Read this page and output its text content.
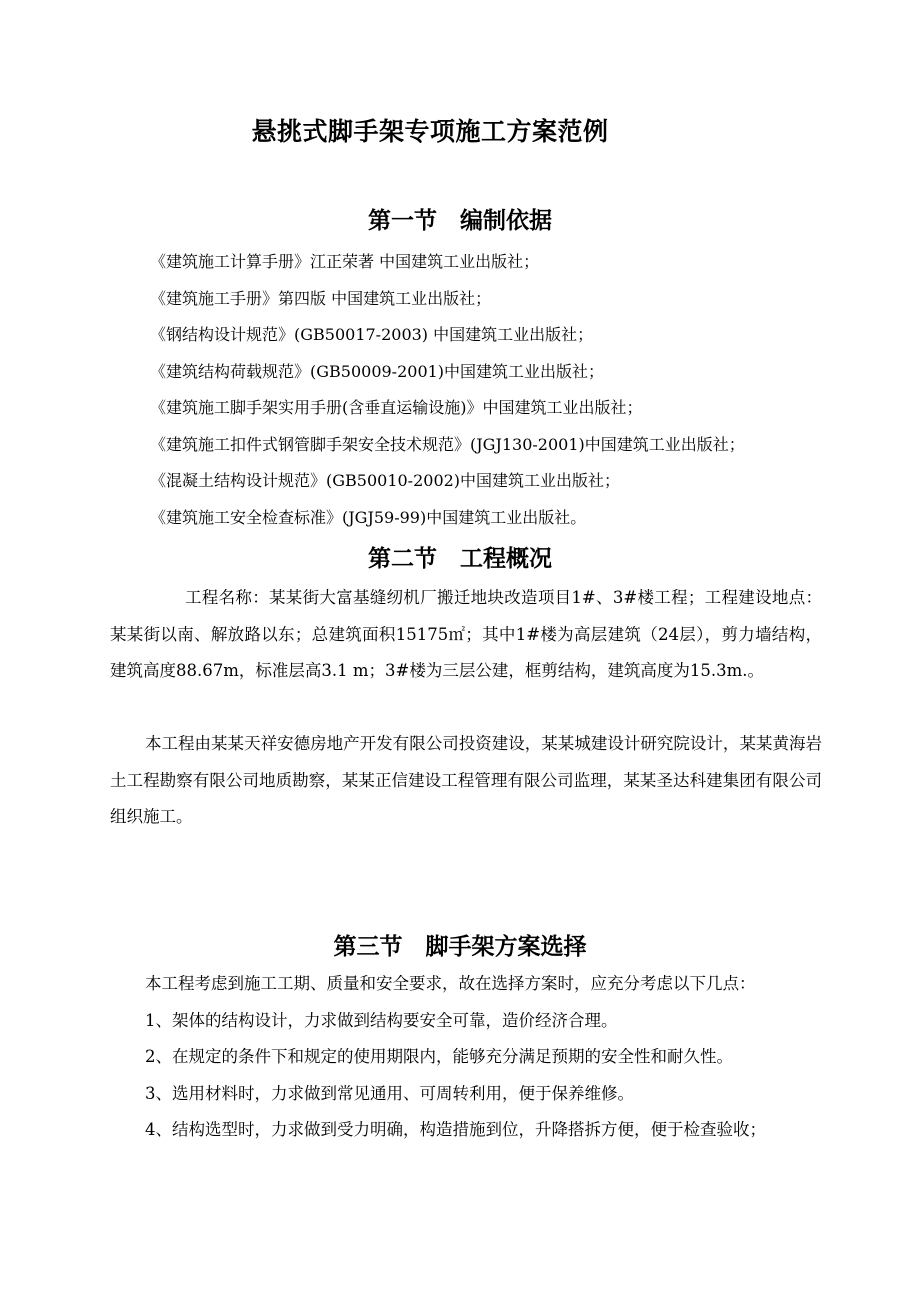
悬挑式脚手架专项施工方案范例
第一节　编制依据
《建筑施工计算手册》江正荣著 中国建筑工业出版社；
《建筑施工手册》第四版 中国建筑工业出版社；
《钢结构设计规范》(GB50017-2003) 中国建筑工业出版社；
《建筑结构荷载规范》(GB50009-2001)中国建筑工业出版社；
《建筑施工脚手架实用手册(含垂直运输设施)》中国建筑工业出版社；
《建筑施工扣件式钢管脚手架安全技术规范》(JGJ130-2001)中国建筑工业出版社；
《混凝土结构设计规范》(GB50010-2002)中国建筑工业出版社；
《建筑施工安全检查标准》(JGJ59-99)中国建筑工业出版社。
第二节　工程概况

工程名称：某某街大富基缝纫机厂搬迁地块改造项目1#、3#楼工程；工程建设地点：某某街以南、解放路以东；总建筑面积15175㎡；其中1#楼为高层建筑（24层），剪力墙结构，建筑高度88.67m，标准层高3.1 m；3#楼为三层公建，框剪结构，建筑高度为15.3m.。

本工程由某某天祥安德房地产开发有限公司投资建设，某某城建设计研究院设计，某某黄海岩土工程勘察有限公司地质勘察，某某正信建设工程管理有限公司监理，某某圣达科建集团有限公司组织施工。

第三节　脚手架方案选择
本工程考虑到施工工期、质量和安全要求，故在选择方案时，应充分考虑以下几点：
1、架体的结构设计，力求做到结构要安全可靠，造价经济合理。
2、在规定的条件下和规定的使用期限内，能够充分满足预期的安全性和耐久性。
3、选用材料时，力求做到常见通用、可周转利用，便于保养维修。
4、结构选型时，力求做到受力明确，构造措施到位，升降搭拆方便，便于检查验收；
